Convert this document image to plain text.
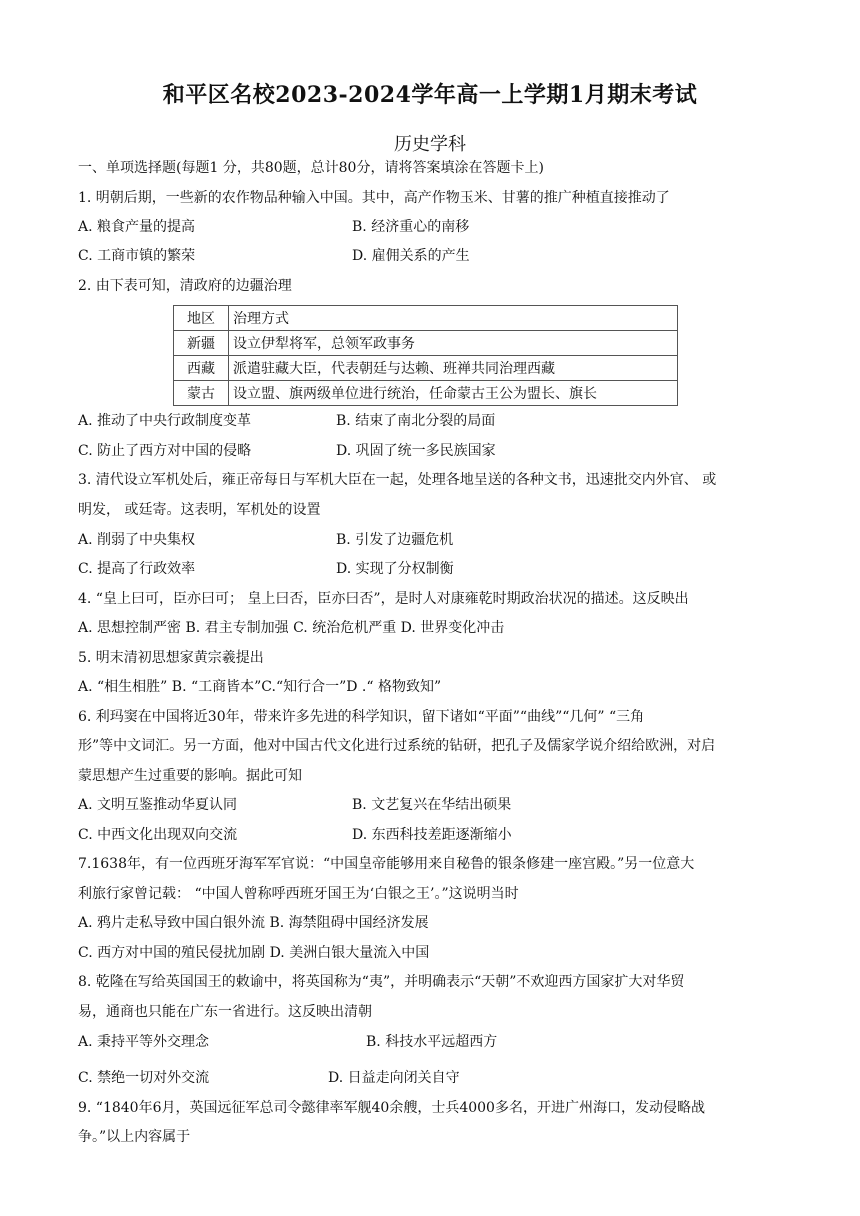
和平区名校2023-2024学年高一上学期1月期末考试
历史学科
一、单项选择题(每题1 分，共80题，总计80分，请将答案填涂在答题卡上)
1. 明朝后期，一些新的农作物品种输入中国。其中，高产作物玉米、甘薯的推广种植直接推动了
A. 粮食产量的提高	B. 经济重心的南移
C. 工商市镇的繁荣	D. 雇佣关系的产生
2. 由下表可知，清政府的边疆治理
地区	治理方式
新疆	设立伊犁将军，总领军政事务
西藏	派遣驻藏大臣，代表朝廷与达赖、班禅共同治理西藏
蒙古	设立盟、旗两级单位进行统治，任命蒙古王公为盟长、旗长
A. 推动了中央行政制度变革	B. 结束了南北分裂的局面
C. 防止了西方对中国的侵略	D. 巩固了统一多民族国家
3. 清代设立军机处后，雍正帝每日与军机大臣在一起，处理各地呈送的各种文书，迅速批交内外官、 或
明发， 或廷寄。这表明，军机处的设置
A. 削弱了中央集权	B. 引发了边疆危机
C. 提高了行政效率	D. 实现了分权制衡
4. “皇上曰可，臣亦曰可； 皇上曰否，臣亦曰否”，是时人对康雍乾时期政治状况的描述。这反映出
A. 思想控制严密 B. 君主专制加强 C. 统治危机严重 D. 世界变化冲击
5. 明末清初思想家黄宗羲提出
A. “相生相胜” B. “工商皆本”C.“知行合一”D .“ 格物致知”
6. 利玛窦在中国将近30年，带来许多先进的科学知识，留下诸如“平面”“曲线”“几何” “三角
形”等中文词汇。另一方面，他对中国古代文化进行过系统的钻研，把孔子及儒家学说介绍给欧洲，对启
蒙思想产生过重要的影响。据此可知
A. 文明互鉴推动华夏认同	B. 文艺复兴在华结出硕果
C. 中西文化出现双向交流	D. 东西科技差距逐渐缩小
7.1638年，有一位西班牙海军军官说：“中国皇帝能够用来自秘鲁的银条修建一座宫殿。”另一位意大
利旅行家曾记载： “中国人曾称呼西班牙国王为‘白银之王’。”这说明当时
A. 鸦片走私导致中国白银外流 B. 海禁阻碍中国经济发展
C. 西方对中国的殖民侵扰加剧 D. 美洲白银大量流入中国
8. 乾隆在写给英国国王的敕谕中，将英国称为“夷”，并明确表示“天朝”不欢迎西方国家扩大对华贸
易，通商也只能在广东一省进行。这反映出清朝
A. 秉持平等外交理念	B. 科技水平远超西方
C. 禁绝一切对外交流	D. 日益走向闭关自守
9. “1840年6月，英国远征军总司令懿律率军舰40余艘，士兵4000多名，开进广州海口，发动侵略战
争。”以上内容属于
